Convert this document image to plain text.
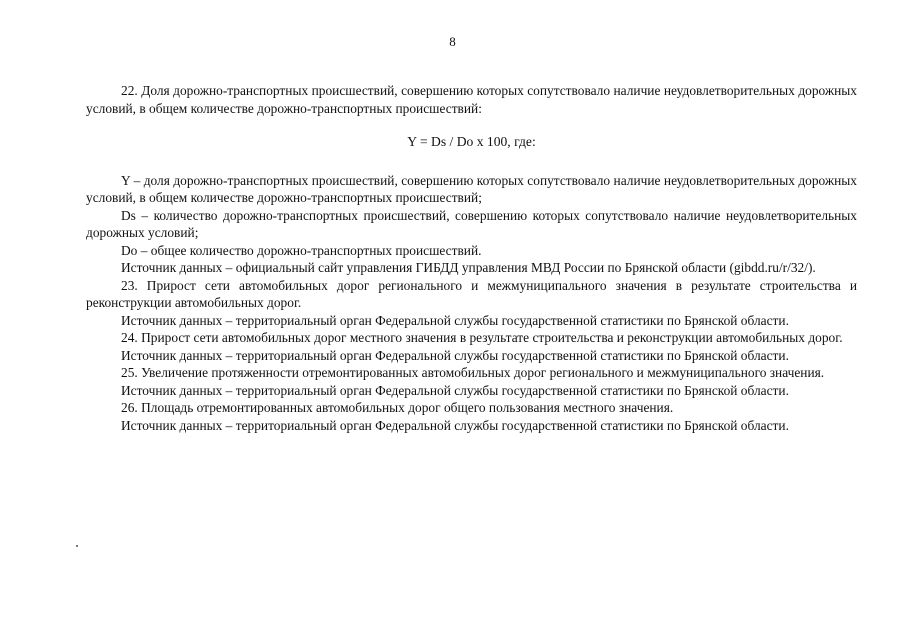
8

22. Доля дорожно-транспортных происшествий, совершению которых сопутствовало наличие неудовлетворительных дорожных условий, в общем количестве дорожно-транспортных происшествий:

Y = Ds / Do x 100, где:

Y – доля дорожно-транспортных происшествий, совершению которых сопутствовало наличие неудовлетворительных дорожных условий, в общем количестве дорожно-транспортных происшествий;

Ds – количество дорожно-транспортных происшествий, совершению которых сопутствовало наличие неудовлетворительных дорожных условий;

Do – общее количество дорожно-транспортных происшествий.

Источник данных – официальный сайт управления ГИБДД управления МВД России по Брянской области (gibdd.ru/r/32/).

23. Прирост сети автомобильных дорог регионального и межмуниципального значения в результате строительства и реконструкции автомобильных дорог.

Источник данных – территориальный орган Федеральной службы государственной статистики по Брянской области.

24. Прирост сети автомобильных дорог местного значения в результате строительства и реконструкции автомобильных дорог.

Источник данных – территориальный орган Федеральной службы государственной статистики по Брянской области.

25. Увеличение протяженности отремонтированных автомобильных дорог регионального и межмуниципального значения.

Источник данных – территориальный орган Федеральной службы государственной статистики по Брянской области.

26. Площадь отремонтированных автомобильных дорог общего пользования местного значения.

Источник данных – территориальный орган Федеральной службы государственной статистики по Брянской области.
